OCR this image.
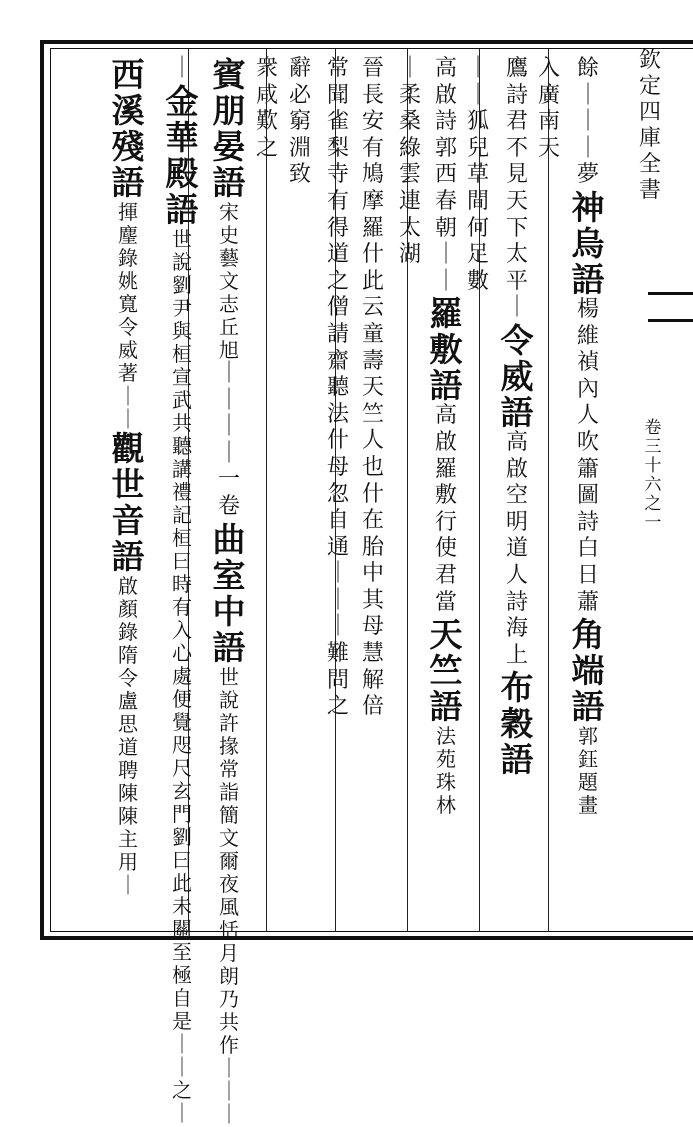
欽
定
四
庫
全
書
卷
三
十
六
之
一
餘
｜
｜
｜
夢
神
烏
語
楊
維
禎
內
人
吹
簫
圖
詩
白
日
蕭
角
端
語
郭
鈺
題
畫
入
廣
南
天
鷹
詩
君
不
見
天
下
太
平
｜
令
威
語
高
啟
空
明
道
人
詩
海
上
布
穀
語
｜
｜
狐
兒
草
間
何
足
數
高
啟
詩
郭
西
春
朝
｜
｜
羅
敷
語
高
啟
羅
敷
行
使
君
當
天
竺
語
法
苑
珠
林
｜
柔
桑
綠
雲
連
太
湖
晉
長
安
有
鳩
摩
羅
什
此
云
童
壽
天
竺
人
也
什
在
胎
中
其
母
慧
解
倍
常
聞
雀
梨
寺
有
得
道
之
僧
請
齋
聽
法
什
母
忽
自
通
｜
｜
｜
難
問
之
辭
必
窮
淵
致
衆
咸
歎
之
賓
朋
晏
語
宋
史
藝
文
志
丘
旭
｜
｜
｜
｜
一
卷
曲
室
中
語
世
說
許
掾
常
詣
簡
文
爾
夜
風
恬
月
朗
乃
共
作
｜
｜
｜
｜
金
華
殿
語
世
說
劉
尹
與
桓
宣
武
共
聽
講
禮
記
桓
曰
時
有
入
心
處
便
覺
咫
尺
玄
門
劉
曰
此
未
關
至
極
自
是
｜
｜
之
｜
西
溪
殘
語
揮
麈
錄
姚
寬
令
威
著
｜
｜
觀
世
音
語
啟
顏
錄
隋
令
盧
思
道
聘
陳
陳
主
用
｜
